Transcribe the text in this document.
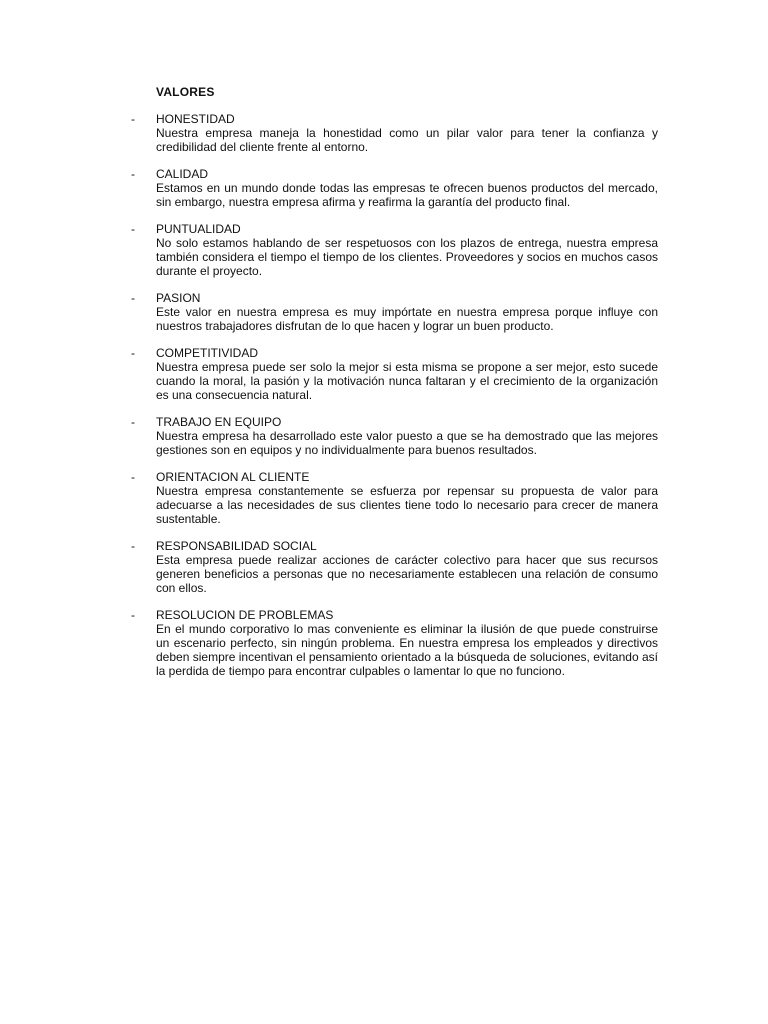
VALORES
- HONESTIDAD
Nuestra empresa maneja la honestidad como un pilar valor para tener la confianza y credibilidad del cliente frente al entorno.
- CALIDAD
Estamos en un mundo donde todas las empresas te ofrecen buenos productos del mercado, sin embargo, nuestra empresa afirma y reafirma la garantía del producto final.
- PUNTUALIDAD
No solo estamos hablando de ser respetuosos con los plazos de entrega, nuestra empresa también considera el tiempo el tiempo de los clientes. Proveedores y socios en muchos casos durante el proyecto.
- PASION
Este valor en nuestra empresa es muy impórtate en nuestra empresa porque influye con nuestros trabajadores disfrutan de lo que hacen y lograr un buen producto.
- COMPETITIVIDAD
Nuestra empresa puede ser solo la mejor si esta misma se propone a ser mejor, esto sucede cuando la moral, la pasión y la motivación nunca faltaran y el crecimiento de la organización es una consecuencia natural.
- TRABAJO EN EQUIPO
Nuestra empresa ha desarrollado este valor puesto a que se ha demostrado que las mejores gestiones son en equipos y no individualmente para buenos resultados.
- ORIENTACION AL CLIENTE
Nuestra empresa constantemente se esfuerza por repensar su propuesta de valor para adecuarse a las necesidades de sus clientes tiene todo lo necesario para crecer de manera sustentable.
- RESPONSABILIDAD SOCIAL
Esta empresa puede realizar acciones de carácter colectivo para hacer que sus recursos generen beneficios a personas que no necesariamente establecen una relación de consumo con ellos.
- RESOLUCION DE PROBLEMAS
En el mundo corporativo lo mas conveniente es eliminar la ilusión de que puede construirse un escenario perfecto, sin ningún problema. En nuestra empresa los empleados y directivos deben siempre incentivan el pensamiento orientado a la búsqueda de soluciones, evitando así la perdida de tiempo para encontrar culpables o lamentar lo que no funciono.
